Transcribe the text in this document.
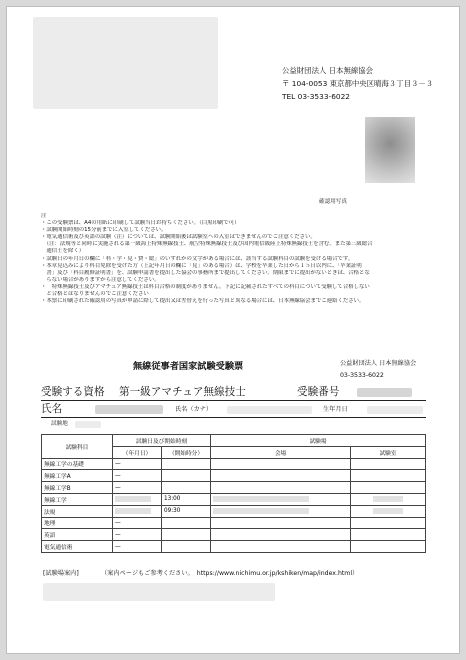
公益財団法人 日本無線協会
〒 104-0053 東京都中央区晴海３丁目３－３
TEL 03-3533-6022
確認用写真
注
・この受験票は、A4の用紙に印刷して試験当日お持ちください。（白黒印刷で可）
・試験開始時刻の15分前までに入室してください。
・電気通信術及び英語の試験（注）については、試験開始後は試験室への入室はできませんのでご注意ください。
　（注：法規等と同時に実施される第一級海上特殊無線技士、航空特殊無線技士及び国内電信級陸上特殊無線技士を含む。また第三級総合
　通信士を除く）
・試験日の年月日の欄に「科・学・見・費・総」のいずれかの文字がある場合には、該当する試験科目の試験を受ける場合です。
・本章見込みにより科目免除を受けた方（上記年月日の欄に「見」のある場合）は、学校を卒業した日から１５日以内に、「卒業証明
　書」及び「科目履修証明書」を、試験申請書を提出した協会の事務所まで提出してください。期限までに提出がないときは、合格とな
　らない場合がありますから注意してください。
・　特殊無線技士及びアマチュア無線技士は科目合格の制度がありません。下記に記載されたすべての科目について受験して合格しない
　と合格とはなりませんのでご注意ください
・本票に印刷された確認用の写真が申請に際して提出又は差替えを行った写真と異なる場合には、日本無線協会までご連絡ください。
無線従事者国家試験受験票	公益財団法人 日本無線協会
03-3533-6022
受験する資格 第一級アマチュア無線技士	受験番号
氏名	氏名（カナ）	生年月日
試験地
試験科目	試験日及び開始時刻		試験場	
	（年月日）	（開始時分）	会場	試験室
無線工学の基礎	—			
無線工学A	—			
無線工学B	—			
無線工学		13:00		
法規		09:30		
地理	—			
英語	—			
電気通信術	—			
[試験場案内]	（案内ページもご参考ください。　https://www.nichimu.or.jp/kshiken/map/index.html）
